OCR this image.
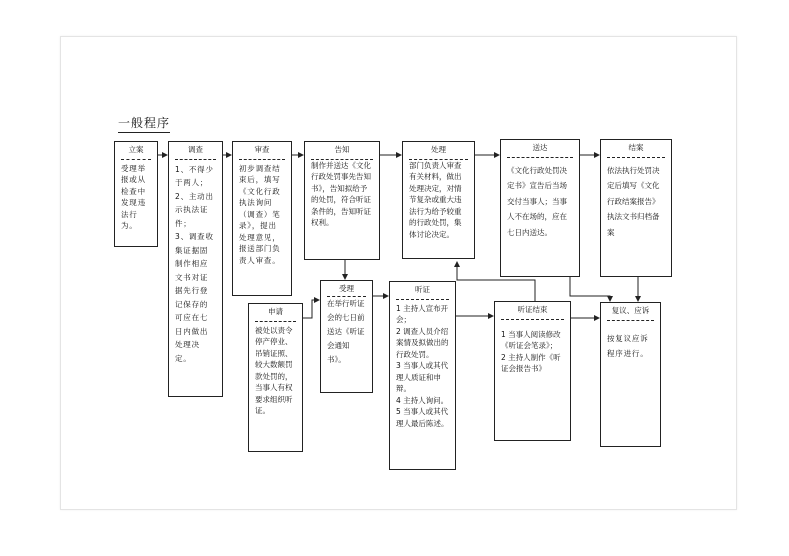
一般程序
立案
受理举报或从检查中发现违法行为。
调查
1、不得少于两人；
2、主动出示执法证件；
3、调查收集证据固制作相应文书对证据先行登记保存的可应在七日内做出处理决定。
审查
初步调查结束后，填写《文化行政执法询问（调查）笔录》，提出处理意见，报送部门负责人审查。
告知
制作并送达《文化行政处罚事先告知书》，告知拟给予的处罚，符合听证条件的，告知听证权利。
处理
部门负责人审查有关材料，做出处理决定，对情节复杂或重大违法行为给予较重的行政处罚，集体讨论决定。
送达
《文化行政处罚决定书》宣告后当场交付当事人；当事人不在场的，应在七日内送达。
结案
依法执行处罚决定后填写《文化行政结案报告》执法文书归档备案
申请
被处以责令停产停业、吊销证照、较大数额罚款处罚的，当事人有权要求组织听证。
受理
在举行听证会的七日前送达《听证会通知书》。
听证
1 主持人宣布开会；
2 调查人员介绍案情及拟做出的行政处罚。
3 当事人或其代理人质证和申辩。
4 主持人询问。
5 当事人或其代理人最后陈述。
听证结束
1 当事人阅读修改《听证会笔录》；
2 主持人制作《听证会报告书》
复议、应诉
按复议应诉程序进行。
